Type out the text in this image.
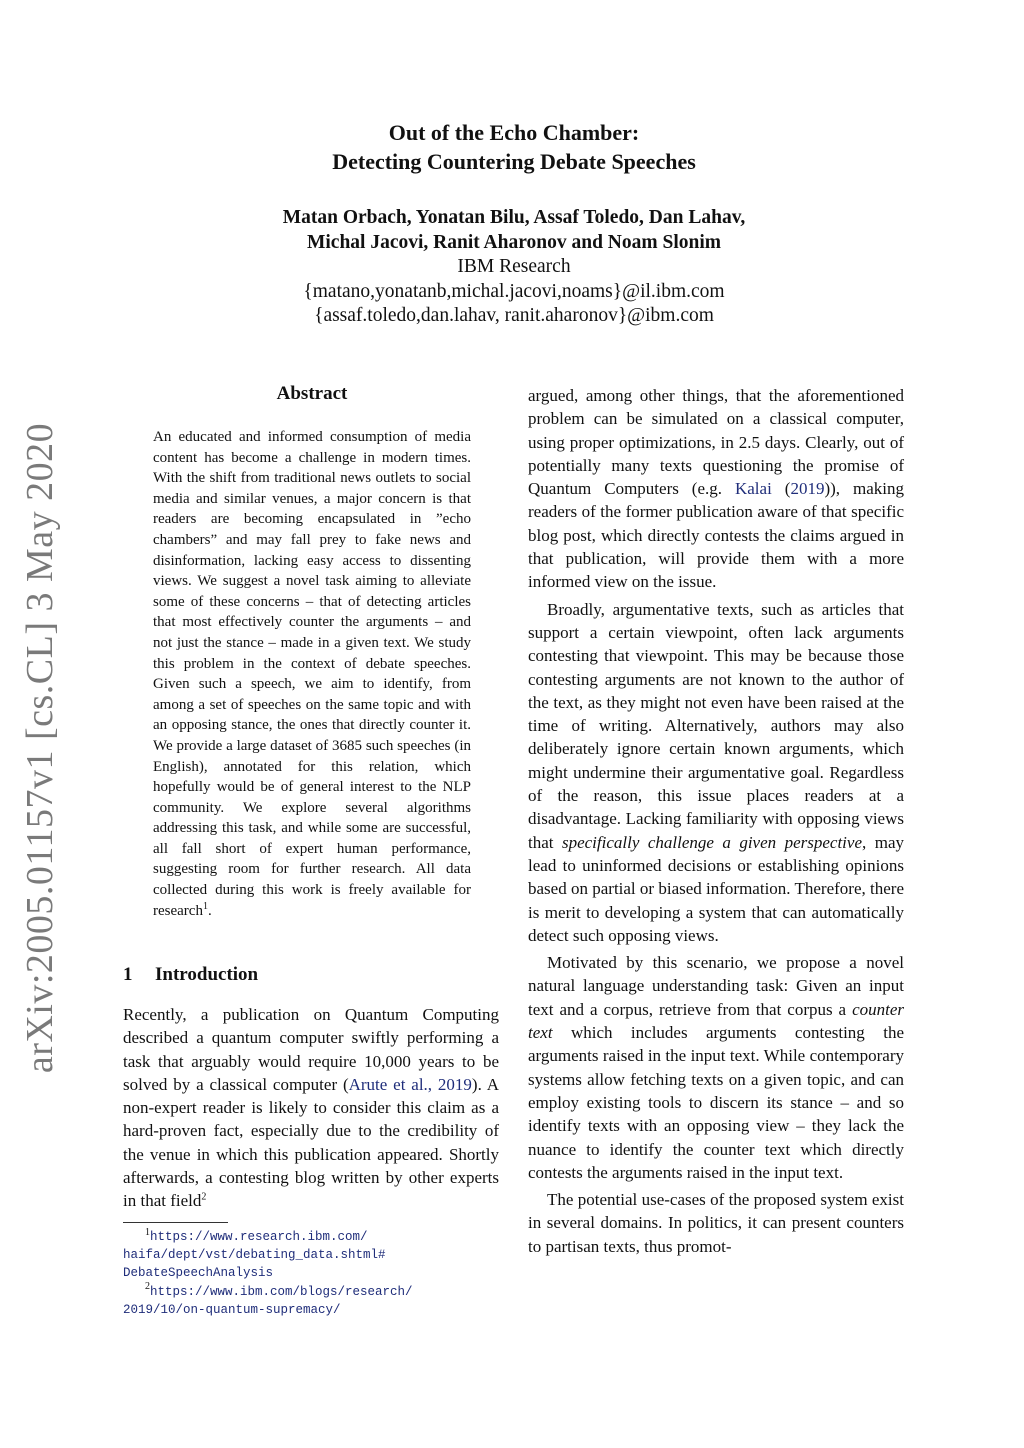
arXiv:2005.01157v1 [cs.CL] 3 May 2020
Out of the Echo Chamber:
Detecting Countering Debate Speeches
Matan Orbach, Yonatan Bilu, Assaf Toledo, Dan Lahav,
Michal Jacovi, Ranit Aharonov and Noam Slonim
IBM Research
{matano,yonatanb,michal.jacovi,noams}@il.ibm.com
{assaf.toledo,dan.lahav, ranit.aharonov}@ibm.com
Abstract
An educated and informed consumption of media content has become a challenge in modern times. With the shift from traditional news outlets to social media and similar venues, a major concern is that readers are becoming encapsulated in ”echo chambers” and may fall prey to fake news and disinformation, lacking easy access to dissenting views. We suggest a novel task aiming to alleviate some of these concerns – that of detecting articles that most effectively counter the arguments – and not just the stance – made in a given text. We study this problem in the context of debate speeches. Given such a speech, we aim to identify, from among a set of speeches on the same topic and with an opposing stance, the ones that directly counter it. We provide a large dataset of 3685 such speeches (in English), annotated for this relation, which hopefully would be of general interest to the NLP community. We explore several algorithms addressing this task, and while some are successful, all fall short of expert human performance, suggesting room for further research. All data collected during this work is freely available for research$^1$.
1 Introduction

Recently, a publication on Quantum Computing described a quantum computer swiftly performing a task that arguably would require 10,000 years to be solved by a classical computer (Arute et al., 2019). A non-expert reader is likely to consider this claim as a hard-proven fact, especially due to the credibility of the venue in which this publication appeared. Shortly afterwards, a contesting blog written by other experts in that field$^2$

$^1$https://www.research.ibm.com/
haifa/dept/vst/debating_data.shtml#
DebateSpeechAnalysis
$^2$https://www.ibm.com/blogs/research/
2019/10/on-quantum-supremacy/

argued, among other things, that the aforementioned problem can be simulated on a classical computer, using proper optimizations, in 2.5 days. Clearly, out of potentially many texts questioning the promise of Quantum Computers (e.g. Kalai (2019)), making readers of the former publication aware of that specific blog post, which directly contests the claims argued in that publication, will provide them with a more informed view on the issue.

Broadly, argumentative texts, such as articles that support a certain viewpoint, often lack arguments contesting that viewpoint. This may be because those contesting arguments are not known to the author of the text, as they might not even have been raised at the time of writing. Alternatively, authors may also deliberately ignore certain known arguments, which might undermine their argumentative goal. Regardless of the reason, this issue places readers at a disadvantage. Lacking familiarity with opposing views that specifically challenge a given perspective, may lead to uninformed decisions or establishing opinions based on partial or biased information. Therefore, there is merit to developing a system that can automatically detect such opposing views.

Motivated by this scenario, we propose a novel natural language understanding task: Given an input text and a corpus, retrieve from that corpus a counter text which includes arguments contesting the arguments raised in the input text. While contemporary systems allow fetching texts on a given topic, and can employ existing tools to discern its stance – and so identify texts with an opposing view – they lack the nuance to identify the counter text which directly contests the arguments raised in the input text.

The potential use-cases of the proposed system exist in several domains. In politics, it can present counters to partisan texts, thus promot-
